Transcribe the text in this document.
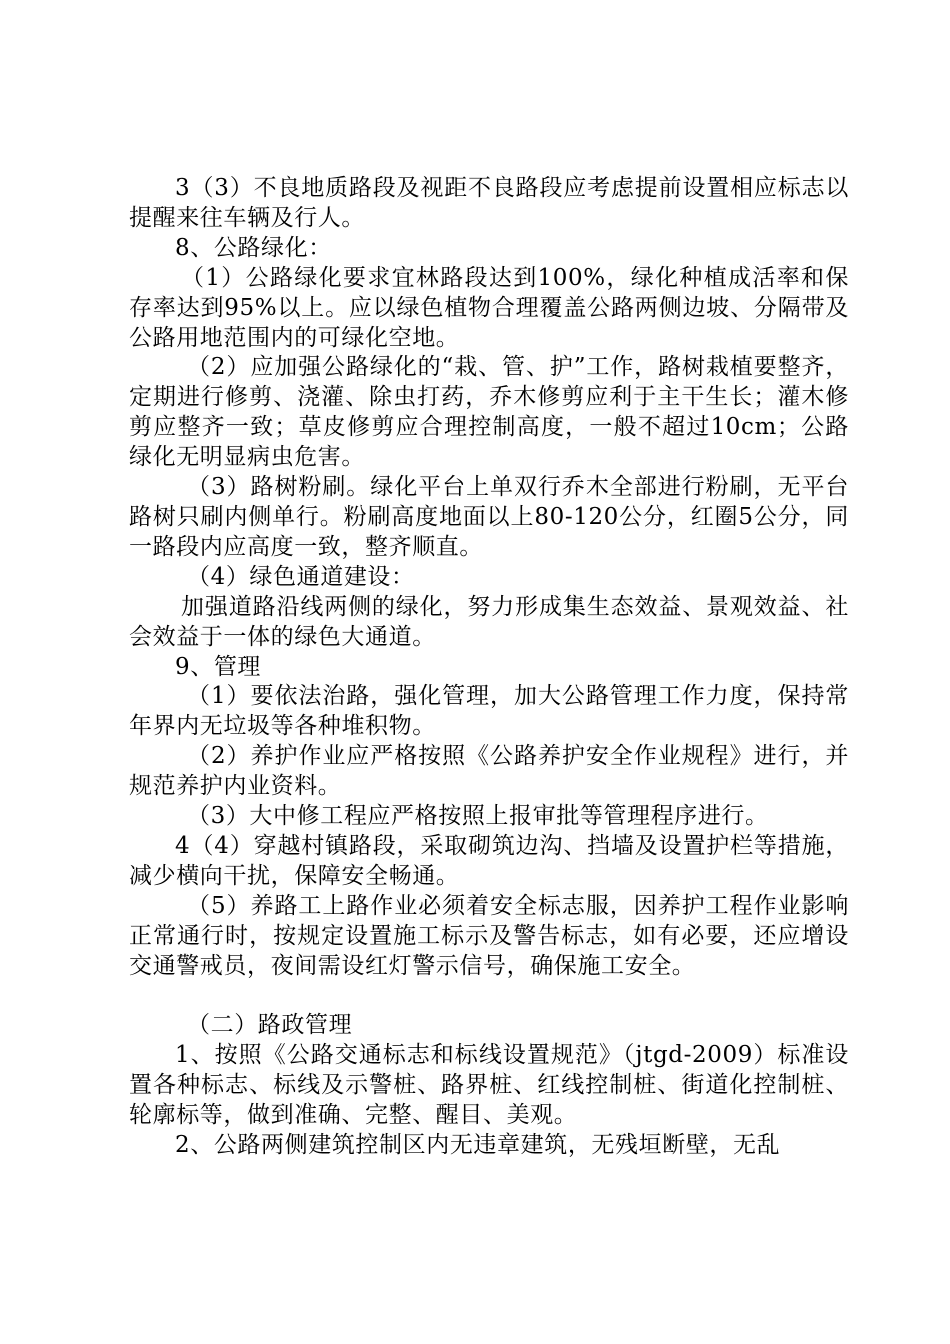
3（3）不良地质路段及视距不良路段应考虑提前设置相应标志以提醒来往车辆及行人。

8、公路绿化：

（1）公路绿化要求宜林路段达到100%，绿化种植成活率和保存率达到95%以上。应以绿色植物合理覆盖公路两侧边坡、分隔带及公路用地范围内的可绿化空地。

（2）应加强公路绿化的“栽、管、护”工作，路树栽植要整齐，定期进行修剪、浇灌、除虫打药，乔木修剪应利于主干生长；灌木修剪应整齐一致；草皮修剪应合理控制高度，一般不超过10cm；公路绿化无明显病虫危害。

（3）路树粉刷。绿化平台上单双行乔木全部进行粉刷，无平台路树只刷内侧单行。粉刷高度地面以上80-120公分，红圈5公分，同一路段内应高度一致，整齐顺直。

（4）绿色通道建设：

加强道路沿线两侧的绿化，努力形成集生态效益、景观效益、社会效益于一体的绿色大通道。

9、管理

（1）要依法治路，强化管理，加大公路管理工作力度，保持常年界内无垃圾等各种堆积物。

（2）养护作业应严格按照《公路养护安全作业规程》进行，并规范养护内业资料。

（3）大中修工程应严格按照上报审批等管理程序进行。

4（4）穿越村镇路段，采取砌筑边沟、挡墙及设置护栏等措施，减少横向干扰，保障安全畅通。

（5）养路工上路作业必须着安全标志服，因养护工程作业影响正常通行时，按规定设置施工标示及警告标志，如有必要，还应增设交通警戒员，夜间需设红灯警示信号，确保施工安全。

（二）路政管理

1、按照《公路交通标志和标线设置规范》（jtgd-2009）标准设置各种标志、标线及示警桩、路界桩、红线控制桩、街道化控制桩、轮廓标等，做到准确、完整、醒目、美观。

2、公路两侧建筑控制区内无违章建筑，无残垣断壁，无乱
